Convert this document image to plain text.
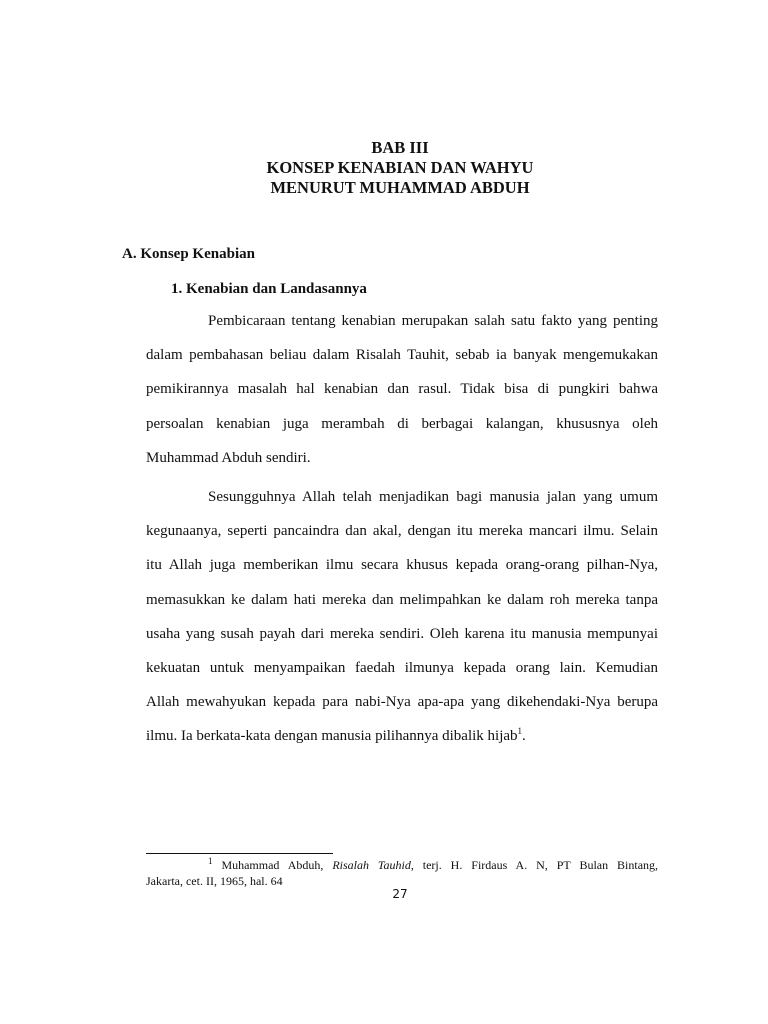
BAB III
KONSEP KENABIAN DAN WAHYU
MENURUT MUHAMMAD ABDUH
A. Konsep Kenabian
1. Kenabian dan Landasannya
Pembicaraan tentang kenabian merupakan salah satu fakto yang penting
dalam pembahasan beliau dalam Risalah Tauhit, sebab ia banyak mengemukakan
pemikirannya masalah hal kenabian dan rasul. Tidak bisa di pungkiri bahwa
persoalan kenabian juga merambah di berbagai kalangan, khususnya oleh
Muhammad Abduh sendiri.
Sesungguhnya Allah telah menjadikan bagi manusia jalan yang umum
kegunaanya, seperti pancaindra dan akal, dengan itu mereka mancari ilmu. Selain
itu Allah juga memberikan ilmu secara khusus kepada orang-orang pilhan-Nya,
memasukkan ke dalam hati mereka dan melimpahkan ke dalam roh mereka tanpa
usaha yang susah payah dari mereka sendiri. Oleh karena itu manusia mempunyai
kekuatan untuk menyampaikan faedah ilmunya kepada orang lain. Kemudian
Allah mewahyukan kepada para nabi-Nya apa-apa yang dikehendaki-Nya berupa
ilmu. Ia berkata-kata dengan manusia pilihannya dibalik hijab$^1$.
$^1$ Muhammad Abduh, Risalah Tauhid, terj. H. Firdaus A. N, PT Bulan Bintang,
Jakarta, cet. II, 1965, hal. 64
27
